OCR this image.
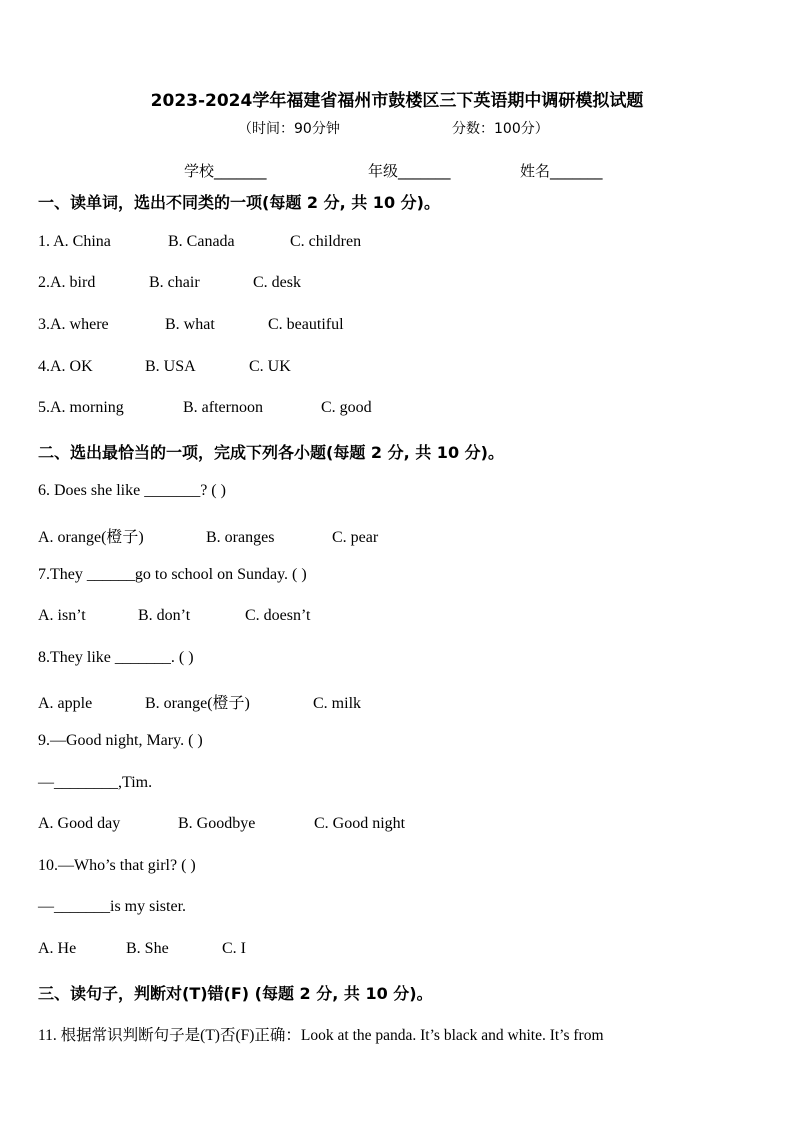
2023-2024学年福建省福州市鼓楼区三下英语期中调研模拟试题
（时间：90分钟	分数：100分）
学校_______	年级_______	姓名_______
一、读单词，选出不同类的一项(每题 2 分, 共 10 分)。
1. A. China	B. Canada	C. children
2.A. bird	B. chair	C. desk
3.A. where	B. what	C. beautiful
4.A. OK	B. USA	C. UK
5.A. morning	B. afternoon	C. good
二、选出最恰当的一项，完成下列各小题(每题 2 分, 共 10 分)。
6. Does she like _______? ( )
A. orange(橙子)	B. oranges	C. pear
7.They ______go to school on Sunday. ( )
A. isn’t	B. don’t	C. doesn’t
8.They like _______. ( )
A. apple	B. orange(橙子)	C. milk
9.—Good night, Mary. ( )
—________,Tim.
A. Good day	B. Goodbye	C. Good night
10.—Who’s that girl? ( )
—_______is my sister.
A. He	B. She	C. I
三、读句子，判断对(T)错(F) (每题 2 分, 共 10 分)。
11. 根据常识判断句子是(T)否(F)正确：Look at the panda. It’s black and white. It’s from
